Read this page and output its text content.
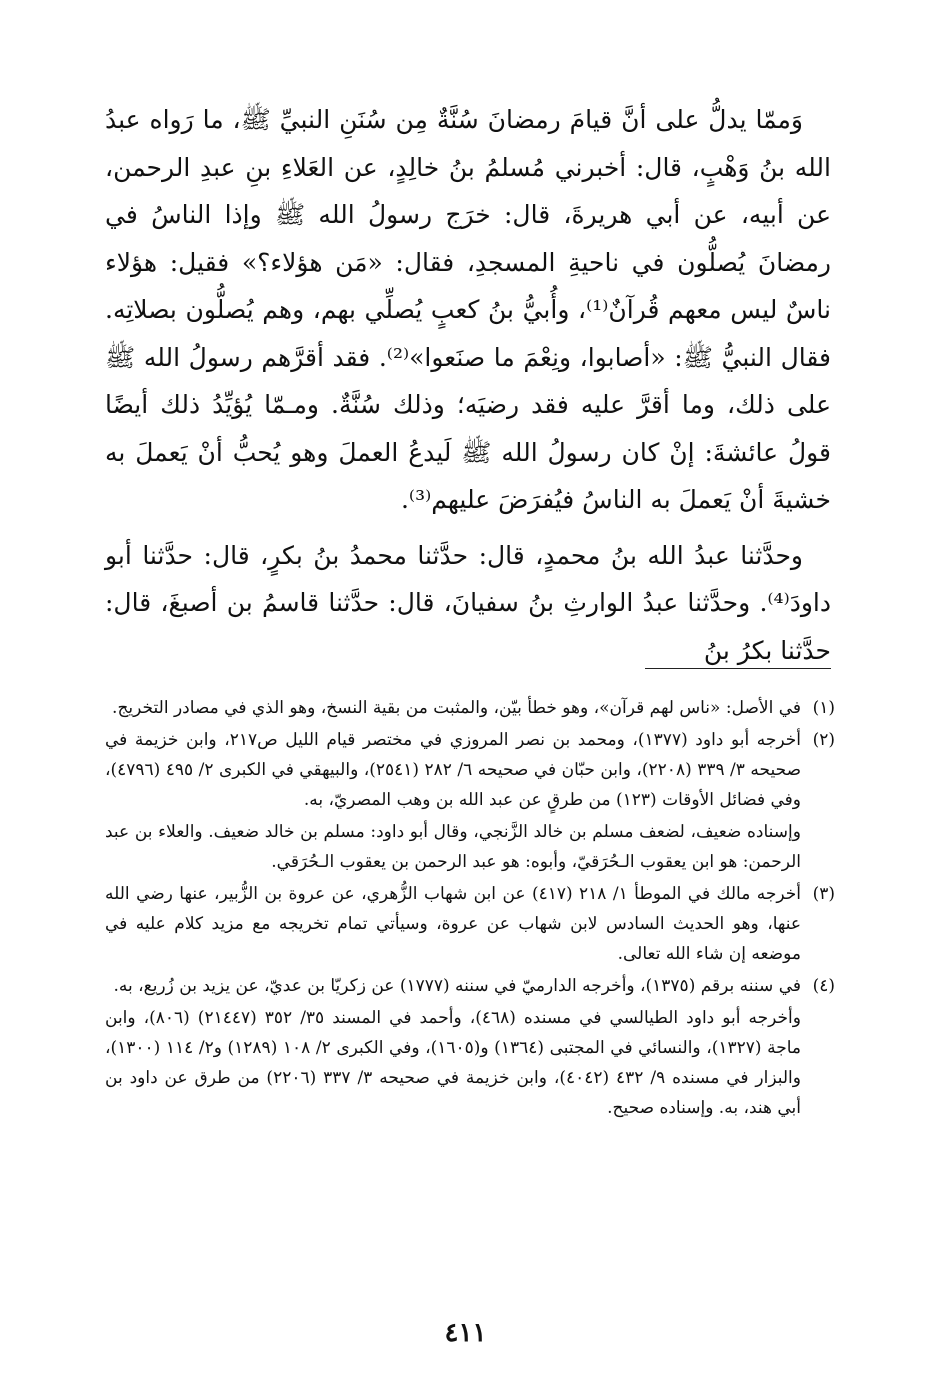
وَممّا يدلُّ على أنَّ قيامَ رمضانَ سُنَّةٌ مِن سُنَنِ النبيِّ ﷺ، ما رَواه عبدُ الله بنُ وَهْبٍ، قال: أخبرني مُسلمُ بنُ خالِدٍ، عن العَلاءِ بنِ عبدِ الرحمن، عن أبيه، عن أبي هريرةَ، قال: خرَج رسولُ الله ﷺ وإذا الناسُ في رمضانَ يُصلُّون في ناحيةِ المسجدِ، فقال: «مَن هؤلاء؟» فقيل: هؤلاء ناسٌ ليس معهم قُرآنٌ⁽¹⁾، وأُبيُّ بنُ كعبٍ يُصلِّي بهم، وهم يُصلُّون بصلاتِه. فقال النبيُّ ﷺ: «أصابوا، ونِعْمَ ما صنَعوا»⁽²⁾. فقد أقرَّهم رسولُ الله ﷺ على ذلك، وما أقرَّ عليه فقد رضيَه؛ وذلك سُنَّةٌ. ومـمّا يُؤيِّدُ ذلك أيضًا قولُ عائشةَ: إنْ كان رسولُ الله ﷺ لَيدعُ العملَ وهو يُحبُّ أنْ يَعملَ به خشيةَ أنْ يَعملَ به الناسُ فيُفرَضَ عليهم⁽³⁾.

وحدَّثنا عبدُ الله بنُ محمدٍ، قال: حدَّثنا محمدُ بنُ بكرٍ، قال: حدَّثنا أبو داودَ⁽⁴⁾. وحدَّثنا عبدُ الوارثِ بنُ سفيانَ، قال: حدَّثنا قاسمُ بن أصبغَ، قال: حدَّثنا بكرُ بنُ

(١)في الأصل: «ناس لهم قرآن»، وهو خطأ بيّن، والمثبت من بقية النسخ، وهو الذي في مصادر التخريج.

(٢)أخرجه أبو داود (١٣٧٧)، ومحمد بن نصر المروزي في مختصر قيام الليل ص٢١٧، وابن خزيمة في صحيحه ٣/ ٣٣٩ (٢٢٠٨)، وابن حبّان في صحيحه ٦/ ٢٨٢ (٢٥٤١)، والبيهقي في الكبرى ٢/ ٤٩٥ (٤٧٩٦)، وفي فضائل الأوقات (١٢٣) من طرقٍ عن عبد الله بن وهب المصريّ، به.

وإسناده ضعيف، لضعف مسلم بن خالد الزَّنجي، وقال أبو داود: مسلم بن خالد ضعيف. والعلاء بن عبد الرحمن: هو ابن يعقوب الـحُرَقيّ، وأبوه: هو عبد الرحمن بن يعقوب الـحُرَقي.

(٣)أخرجه مالك في الموطأ ١/ ٢١٨ (٤١٧) عن ابن شهاب الزُّهري، عن عروة بن الزُّبير، عنها رضي الله عنها، وهو الحديث السادس لابن شهاب عن عروة، وسيأتي تمام تخريجه مع مزيد كلام عليه في موضعه إن شاء الله تعالى.

(٤)في سننه برقم (١٣٧٥)، وأخرجه الدارميّ في سننه (١٧٧٧) عن زكريّا بن عديّ، عن يزيد بن زُريع، به.

وأخرجه أبو داود الطيالسي في مسنده (٤٦٨)، وأحمد في المسند ٣٥/ ٣٥٢ (٢١٤٤٧) (٨٠٦)، وابن ماجة (١٣٢٧)، والنسائي في المجتبى (١٣٦٤) و(١٦٠٥)، وفي الكبرى ٢/ ١٠٨ (١٢٨٩) و٢/ ١١٤ (١٣٠٠)، والبزار في مسنده ٩/ ٤٣٢ (٤٠٤٢)، وابن خزيمة في صحيحه ٣/ ٣٣٧ (٢٢٠٦) من طرق عن داود بن أبي هند، به. وإسناده صحيح.

٤١١
